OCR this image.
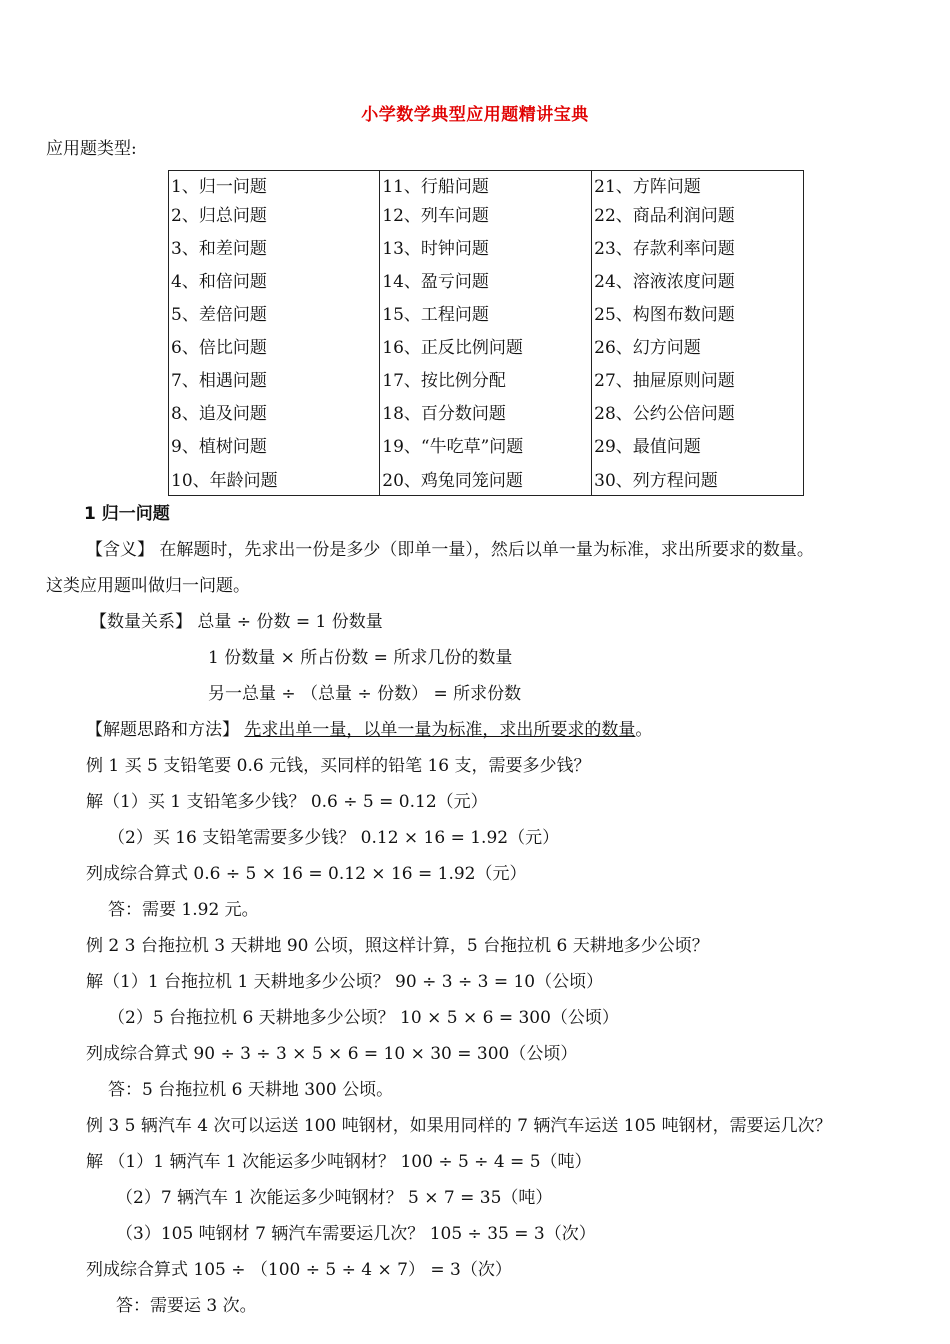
小学数学典型应用题精讲宝典
应用题类型:
1、归一问题	11、行船问题	21、方阵问题
2、归总问题	12、列车问题	22、商品利润问题
3、和差问题	13、时钟问题	23、存款利率问题
4、和倍问题	14、盈亏问题	24、溶液浓度问题
5、差倍问题	15、工程问题	25、构图布数问题
6、倍比问题	16、正反比例问题	26、幻方问题
7、相遇问题	17、按比例分配	27、抽屉原则问题
8、追及问题	18、百分数问题	28、公约公倍问题
9、植树问题	19、“牛吃草”问题	29、最值问题
10、年龄问题	20、鸡兔同笼问题	30、列方程问题
1 归一问题
【含义】 在解题时，先求出一份是多少（即单一量），然后以单一量为标准，求出所要求的数量。
这类应用题叫做归一问题。
【数量关系】 总量 ÷ 份数 = 1 份数量
1 份数量 × 所占份数 = 所求几份的数量
另一总量 ÷ （总量 ÷ 份数） = 所求份数
【解题思路和方法】 先求出单一量，以单一量为标准，求出所要求的数量。
例 1 买 5 支铅笔要 0.6 元钱，买同样的铅笔 16 支，需要多少钱？
解（1）买 1 支铅笔多少钱？ 0.6 ÷ 5 = 0.12（元）
（2）买 16 支铅笔需要多少钱？ 0.12 × 16 = 1.92（元）
列成综合算式 0.6 ÷ 5 × 16 = 0.12 × 16 = 1.92（元）
答：需要 1.92 元。
例 2 3 台拖拉机 3 天耕地 90 公顷，照这样计算，5 台拖拉机 6 天耕地多少公顷？
解（1）1 台拖拉机 1 天耕地多少公顷？ 90 ÷ 3 ÷ 3 = 10（公顷）
（2）5 台拖拉机 6 天耕地多少公顷？ 10 × 5 × 6 = 300（公顷）
列成综合算式 90 ÷ 3 ÷ 3 × 5 × 6 = 10 × 30 = 300（公顷）
答：5 台拖拉机 6 天耕地 300 公顷。
例 3 5 辆汽车 4 次可以运送 100 吨钢材，如果用同样的 7 辆汽车运送 105 吨钢材，需要运几次？
解 （1）1 辆汽车 1 次能运多少吨钢材？ 100 ÷ 5 ÷ 4 = 5（吨）
（2）7 辆汽车 1 次能运多少吨钢材？ 5 × 7 = 35（吨）
（3）105 吨钢材 7 辆汽车需要运几次？ 105 ÷ 35 = 3（次）
列成综合算式 105 ÷ （100 ÷ 5 ÷ 4 × 7） = 3（次）
答：需要运 3 次。
